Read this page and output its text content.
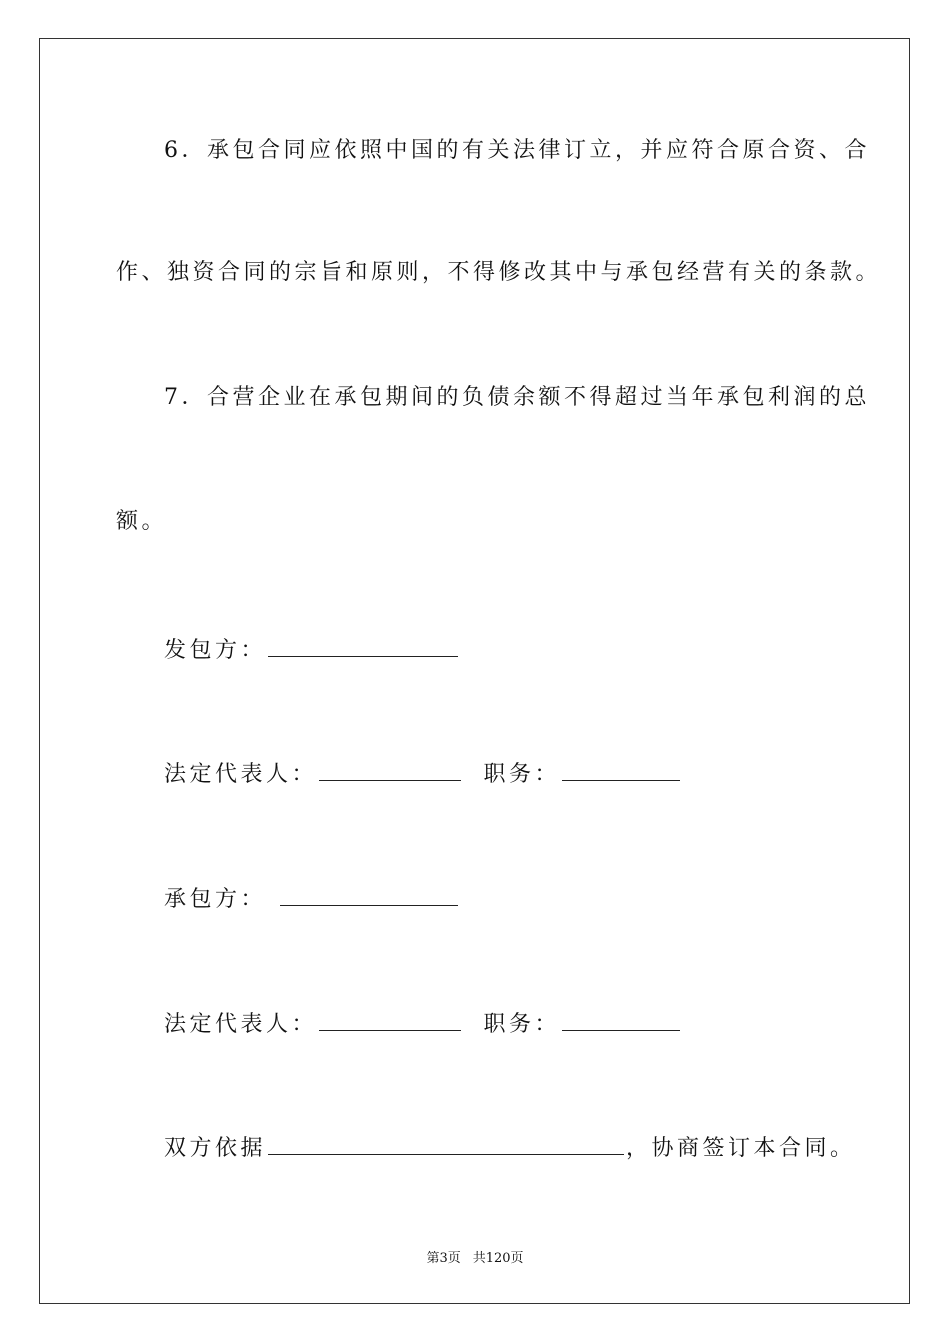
6．承包合同应依照中国的有关法律订立，并应符合原合资、合
作、独资合同的宗旨和原则，不得修改其中与承包经营有关的条款。
7．合营企业在承包期间的负债余额不得超过当年承包利润的总
额。
发包方：
法定代表人：	职务：
承包方：
法定代表人：	职务：
双方依据	，协商签订本合同。
第3页 共120页
